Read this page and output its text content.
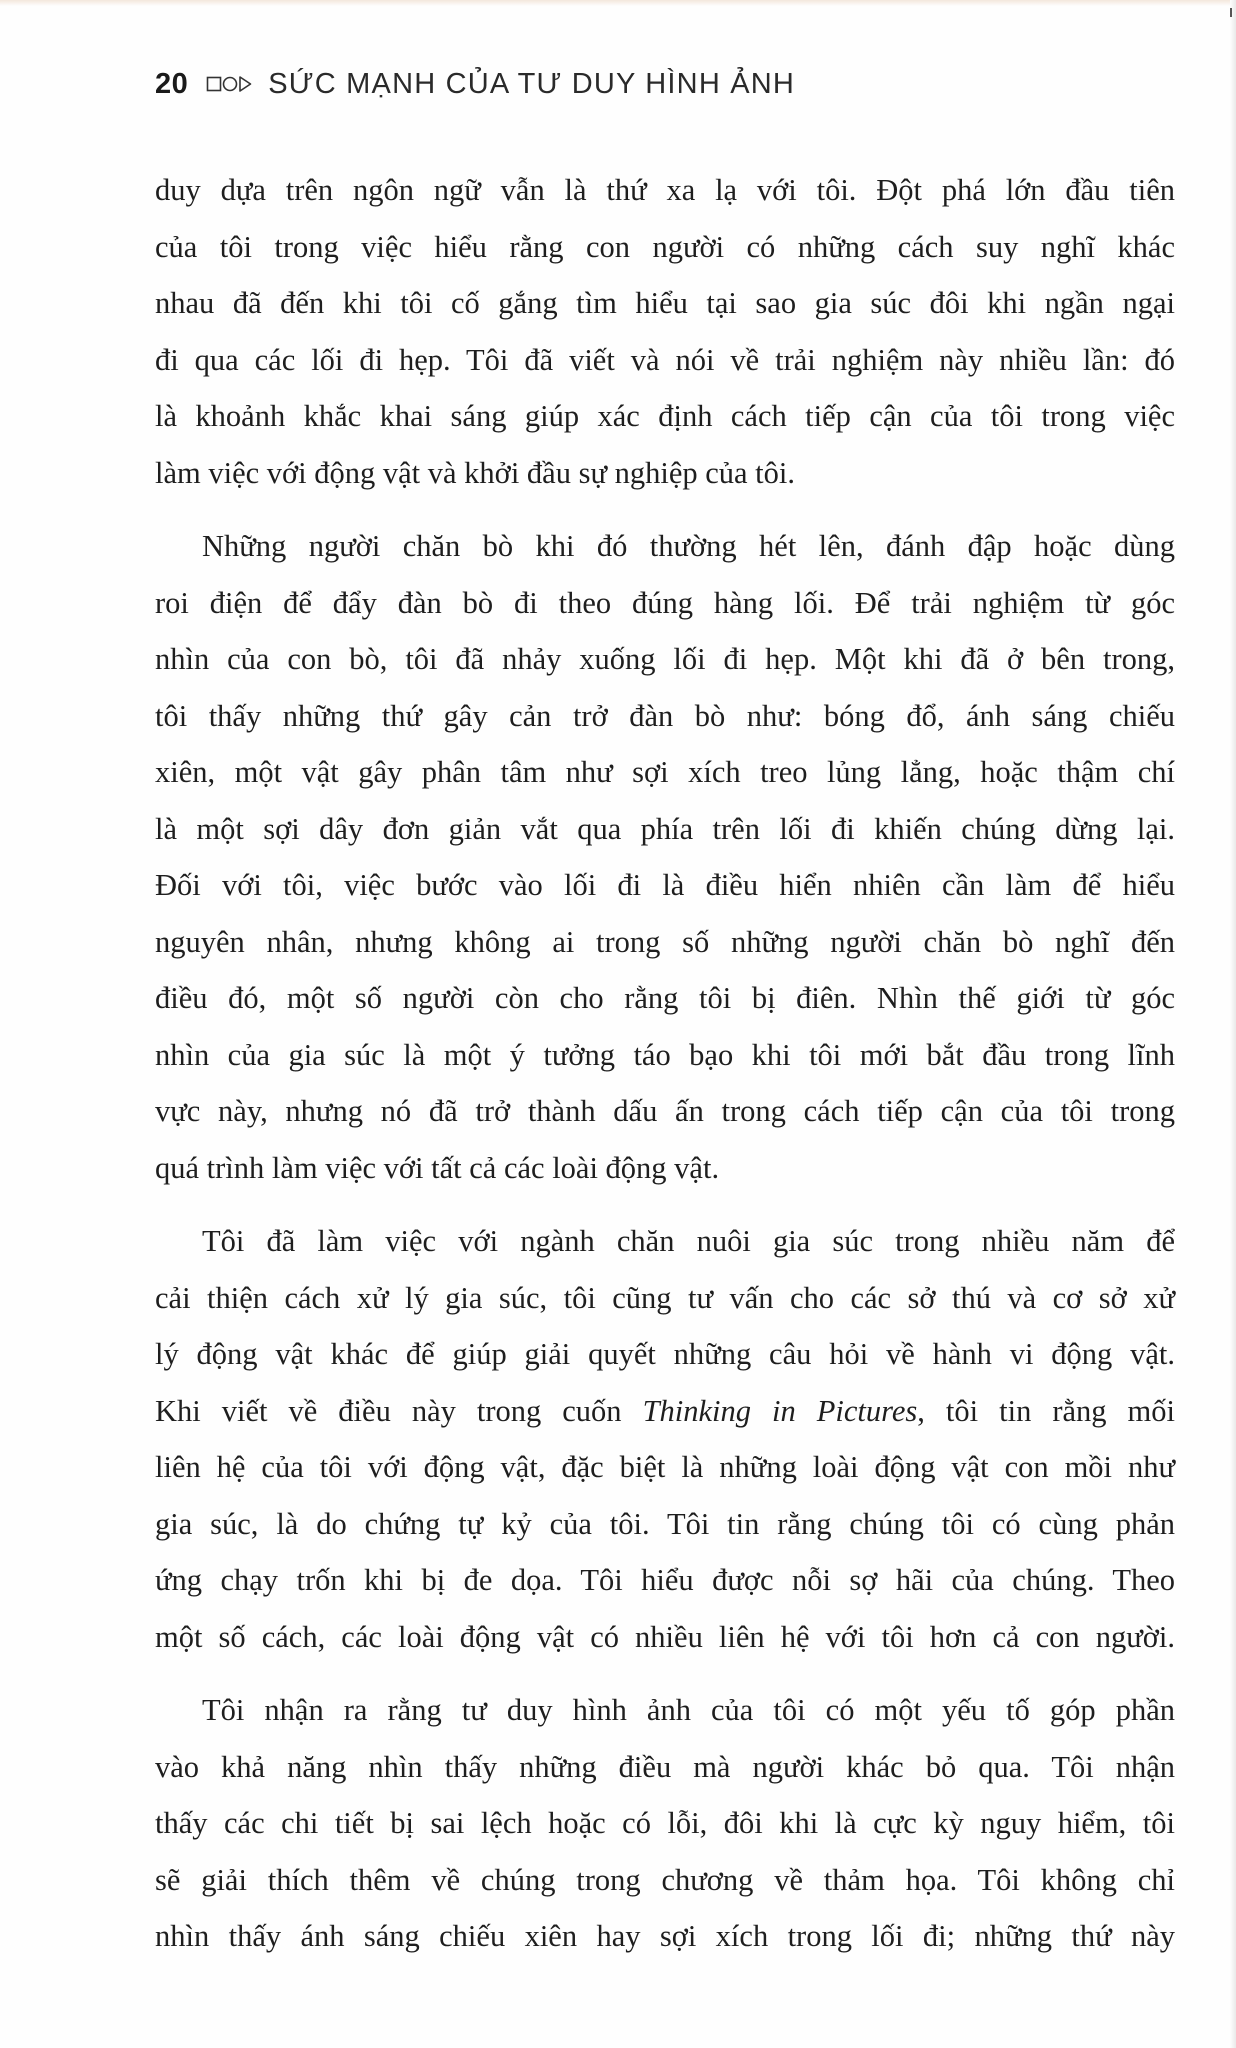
20	SỨC MẠNH CỦA TƯ DUY HÌNH ẢNH
duy dựa trên ngôn ngữ vẫn là thứ xa lạ với tôi. Đột phá lớn đầu tiên
của tôi trong việc hiểu rằng con người có những cách suy nghĩ khác
nhau đã đến khi tôi cố gắng tìm hiểu tại sao gia súc đôi khi ngần ngại
đi qua các lối đi hẹp. Tôi đã viết và nói về trải nghiệm này nhiều lần: đó
là khoảnh khắc khai sáng giúp xác định cách tiếp cận của tôi trong việc
làm việc với động vật và khởi đầu sự nghiệp của tôi.
Những người chăn bò khi đó thường hét lên, đánh đập hoặc dùng
roi điện để đẩy đàn bò đi theo đúng hàng lối. Để trải nghiệm từ góc
nhìn của con bò, tôi đã nhảy xuống lối đi hẹp. Một khi đã ở bên trong,
tôi thấy những thứ gây cản trở đàn bò như: bóng đổ, ánh sáng chiếu
xiên, một vật gây phân tâm như sợi xích treo lủng lẳng, hoặc thậm chí
là một sợi dây đơn giản vắt qua phía trên lối đi khiến chúng dừng lại.
Đối với tôi, việc bước vào lối đi là điều hiển nhiên cần làm để hiểu
nguyên nhân, nhưng không ai trong số những người chăn bò nghĩ đến
điều đó, một số người còn cho rằng tôi bị điên. Nhìn thế giới từ góc
nhìn của gia súc là một ý tưởng táo bạo khi tôi mới bắt đầu trong lĩnh
vực này, nhưng nó đã trở thành dấu ấn trong cách tiếp cận của tôi trong
quá trình làm việc với tất cả các loài động vật.
Tôi đã làm việc với ngành chăn nuôi gia súc trong nhiều năm để
cải thiện cách xử lý gia súc, tôi cũng tư vấn cho các sở thú và cơ sở xử
lý động vật khác để giúp giải quyết những câu hỏi về hành vi động vật.
Khi viết về điều này trong cuốn Thinking in Pictures, tôi tin rằng mối
liên hệ của tôi với động vật, đặc biệt là những loài động vật con mồi như
gia súc, là do chứng tự kỷ của tôi. Tôi tin rằng chúng tôi có cùng phản
ứng chạy trốn khi bị đe dọa. Tôi hiểu được nỗi sợ hãi của chúng. Theo
một số cách, các loài động vật có nhiều liên hệ với tôi hơn cả con người.
Tôi nhận ra rằng tư duy hình ảnh của tôi có một yếu tố góp phần
vào khả năng nhìn thấy những điều mà người khác bỏ qua. Tôi nhận
thấy các chi tiết bị sai lệch hoặc có lỗi, đôi khi là cực kỳ nguy hiểm, tôi
sẽ giải thích thêm về chúng trong chương về thảm họa. Tôi không chỉ
nhìn thấy ánh sáng chiếu xiên hay sợi xích trong lối đi; những thứ này
